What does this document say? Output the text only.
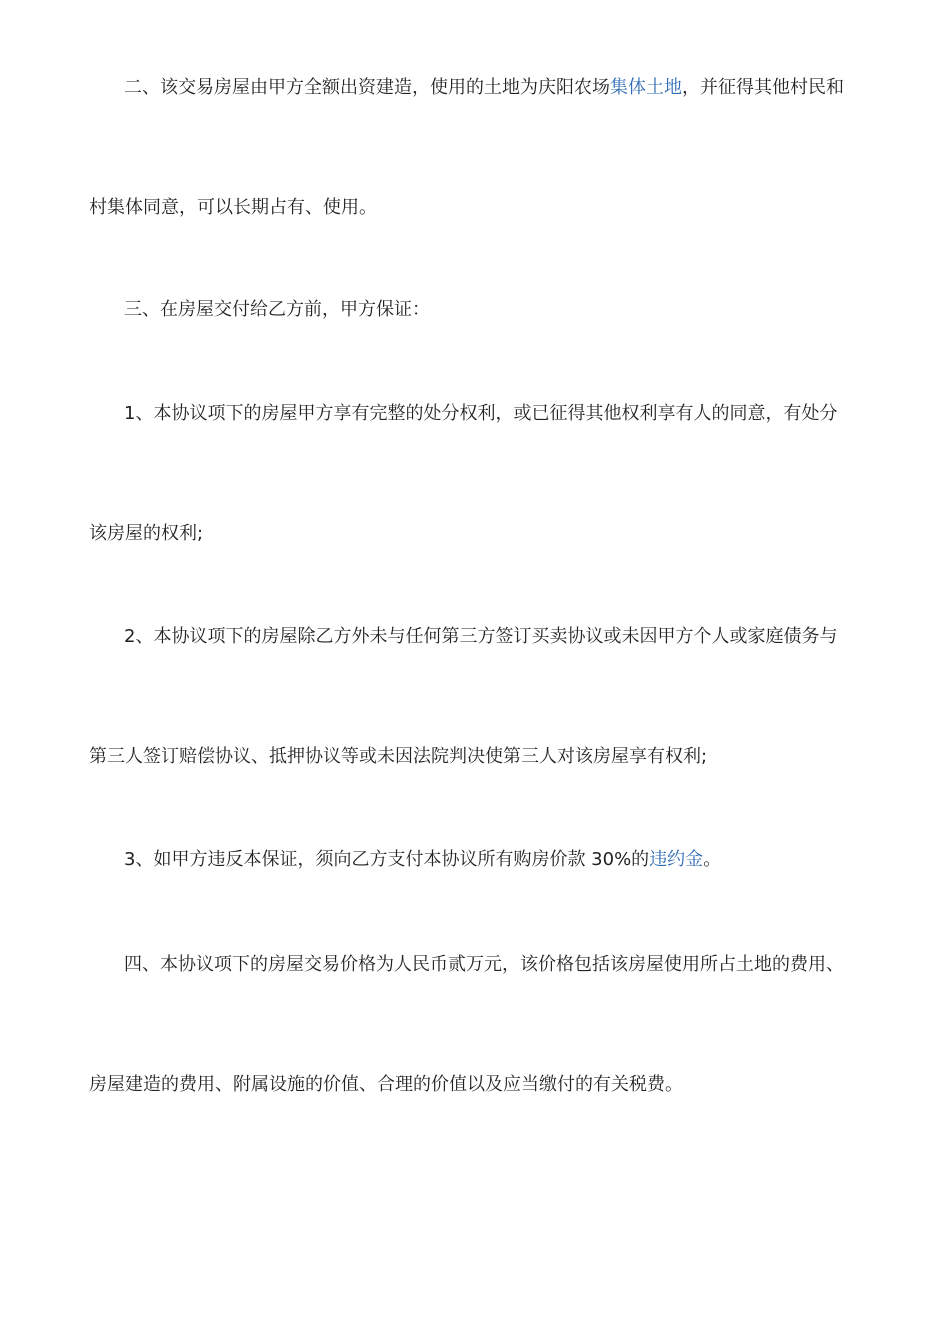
二、该交易房屋由甲方全额出资建造，使用的土地为庆阳农场集体土地，并征得其他村民和
村集体同意，可以长期占有、使用。
三、在房屋交付给乙方前，甲方保证：
1、本协议项下的房屋甲方享有完整的处分权利，或已征得其他权利享有人的同意，有处分
该房屋的权利;
2、本协议项下的房屋除乙方外未与任何第三方签订买卖协议或未因甲方个人或家庭债务与
第三人签订赔偿协议、抵押协议等或未因法院判决使第三人对该房屋享有权利;
3、如甲方违反本保证，须向乙方支付本协议所有购房价款 30%的违约金。
四、本协议项下的房屋交易价格为人民币贰万元，该价格包括该房屋使用所占土地的费用、
房屋建造的费用、附属设施的价值、合理的价值以及应当缴付的有关税费。
